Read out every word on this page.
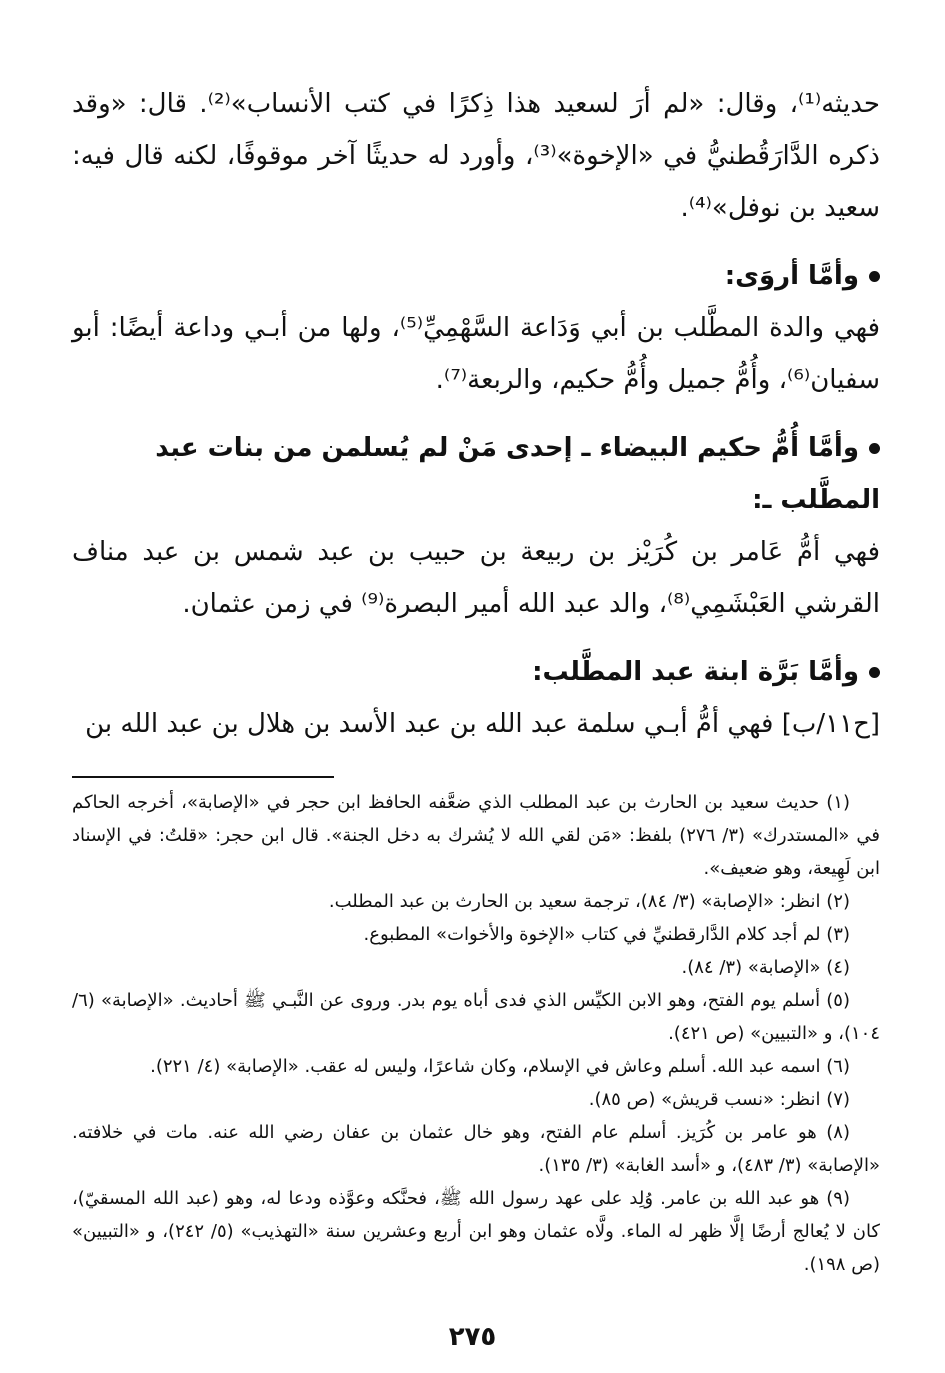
حديثه⁽¹⁾، وقال: «لم أرَ لسعيد هذا ذِكرًا في كتب الأنساب»⁽²⁾. قال: «وقد ذكره الدَّارَقُطنيُّ في «الإخوة»⁽³⁾، وأورد له حديثًا آخر موقوفًا، لكنه قال فيه: سعيد بن نوفل»⁽⁴⁾.

وأمَّا أروَى:

فهي والدة المطَّلب بن أبي وَدَاعة السَّهْمِيِّ⁽⁵⁾، ولها من أبـي وداعة أيضًا: أبو سفيان⁽⁶⁾، وأُمُّ جميل وأُمُّ حكيم، والربعة⁽⁷⁾.

وأمَّا أُمُّ حكيم البيضاء ـ إحدى مَنْ لم يُسلمن من بنات عبد المطَّلب ـ:

فهي أمُّ عَامر بن كُرَيْز بن ربيعة بن حبيب بن عبد شمس بن عبد مناف القرشي العَبْشَمِي⁽⁸⁾، والد عبد الله أمير البصرة⁽⁹⁾ في زمن عثمان.

وأمَّا بَرَّة ابنة عبد المطَّلب:

[ح١١/ب] فهي أمُّ أبـي سلمة عبد الله بن عبد الأسد بن هلال بن عبد الله بن

(١) حديث سعيد بن الحارث بن عبد المطلب الذي ضعَّفه الحافظ ابن حجر في «الإصابة»، أخرجه الحاكم في «المستدرك» (٣/ ٢٧٦) بلفظ: «مَن لقي الله لا يُشرك به دخل الجنة». قال ابن حجر: «قلتُ: في الإسناد ابن لَهِيعة، وهو ضعيف».

(٢) انظر: «الإصابة» (٣/ ٨٤)، ترجمة سعيد بن الحارث بن عبد المطلب.

(٣) لم أجد كلام الدَّارقطنيِّ في كتاب «الإخوة والأخوات» المطبوع.

(٤) «الإصابة» (٣/ ٨٤).

(٥) أسلم يوم الفتح، وهو الابن الكيِّس الذي فدى أباه يوم بدر. وروى عن النَّبـي ﷺ أحاديث. «الإصابة» (٦/ ١٠٤)، و «التبيين» (ص ٤٢١).

(٦) اسمه عبد الله. أسلم وعاش في الإسلام، وكان شاعرًا، وليس له عقب. «الإصابة» (٤/ ٢٢١).

(٧) انظر: «نسب قريش» (ص ٨٥).

(٨) هو عامر بن كُرَيز. أسلم عام الفتح، وهو خال عثمان بن عفان رضي الله عنه. مات في خلافته. «الإصابة» (٣/ ٤٨٣)، و «أسد الغابة» (٣/ ١٣٥).

(٩) هو عبد الله بن عامر. وُلِد على عهد رسول الله ﷺ، فحنَّكه وعوَّذه ودعا له، وهو (عبد الله المسقيّ)، كان لا يُعالج أرضًا إلَّا ظهر له الماء. ولَّاه عثمان وهو ابن أربع وعشرين سنة «التهذيب» (٥/ ٢٤٢)، و «التبيين» (ص ١٩٨).

٢٧٥
